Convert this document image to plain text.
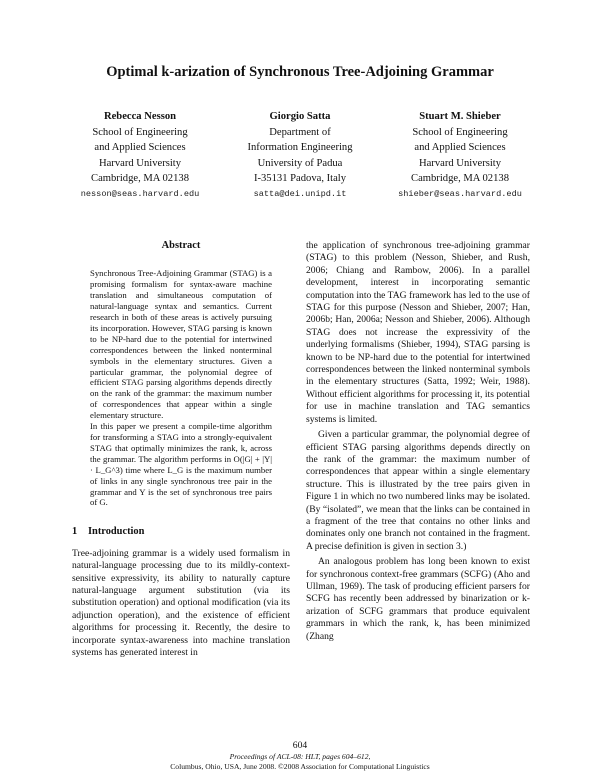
Optimal k-arization of Synchronous Tree-Adjoining Grammar
Rebecca Nesson
School of Engineering
and Applied Sciences
Harvard University
Cambridge, MA 02138
nesson@seas.harvard.edu
Giorgio Satta
Department of
Information Engineering
University of Padua
I-35131 Padova, Italy
satta@dei.unipd.it
Stuart M. Shieber
School of Engineering
and Applied Sciences
Harvard University
Cambridge, MA 02138
shieber@seas.harvard.edu
Abstract

Synchronous Tree-Adjoining Grammar (STAG) is a promising formalism for syntax-aware machine translation and simultaneous computation of natural-language syntax and semantics. Current research in both of these areas is actively pursuing its incorporation. However, STAG parsing is known to be NP-hard due to the potential for intertwined correspondences between the linked nonterminal symbols in the elementary structures. Given a particular grammar, the polynomial degree of efficient STAG parsing algorithms depends directly on the rank of the grammar: the maximum number of correspondences that appear within a single elementary structure.

In this paper we present a compile-time algorithm for transforming a STAG into a strongly-equivalent STAG that optimally minimizes the rank, k, across the grammar. The algorithm performs in O(|G| + |Y| · L_G^3) time where L_G is the maximum number of links in any single synchronous tree pair in the grammar and Y is the set of synchronous tree pairs of G.

1 Introduction

Tree-adjoining grammar is a widely used formalism in natural-language processing due to its mildly-context-sensitive expressivity, its ability to naturally capture natural-language argument substitution (via its substitution operation) and optional modification (via its adjunction operation), and the existence of efficient algorithms for processing it. Recently, the desire to incorporate syntax-awareness into machine translation systems has generated interest in

the application of synchronous tree-adjoining grammar (STAG) to this problem (Nesson, Shieber, and Rush, 2006; Chiang and Rambow, 2006). In a parallel development, interest in incorporating semantic computation into the TAG framework has led to the use of STAG for this purpose (Nesson and Shieber, 2007; Han, 2006b; Han, 2006a; Nesson and Shieber, 2006). Although STAG does not increase the expressivity of the underlying formalisms (Shieber, 1994), STAG parsing is known to be NP-hard due to the potential for intertwined correspondences between the linked nonterminal symbols in the elementary structures (Satta, 1992; Weir, 1988). Without efficient algorithms for processing it, its potential for use in machine translation and TAG semantics systems is limited.

Given a particular grammar, the polynomial degree of efficient STAG parsing algorithms depends directly on the rank of the grammar: the maximum number of correspondences that appear within a single elementary structure. This is illustrated by the tree pairs given in Figure 1 in which no two numbered links may be isolated. (By “isolated”, we mean that the links can be contained in a fragment of the tree that contains no other links and dominates only one branch not contained in the fragment. A precise definition is given in section 3.)

An analogous problem has long been known to exist for synchronous context-free grammars (SCFG) (Aho and Ullman, 1969). The task of producing efficient parsers for SCFG has recently been addressed by binarization or k-arization of SCFG grammars that produce equivalent grammars in which the rank, k, has been minimized (Zhang

604
Proceedings of ACL-08: HLT, pages 604–612,
Columbus, Ohio, USA, June 2008. ©2008 Association for Computational Linguistics
